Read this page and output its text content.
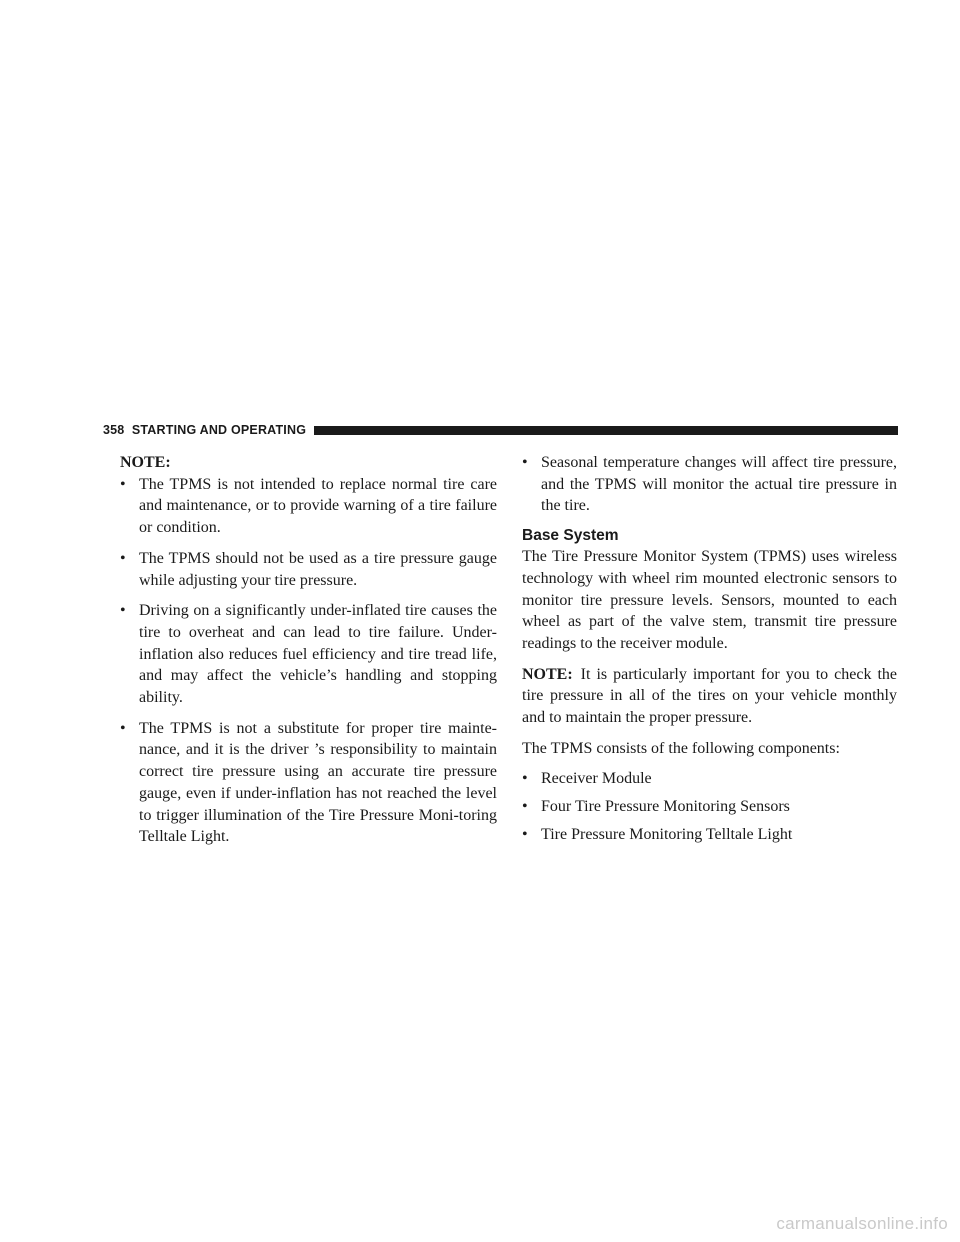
358 STARTING AND OPERATING

NOTE:

• The TPMS is not intended to replace normal tire care and maintenance, or to provide warning of a tire failure or condition.
• The TPMS should not be used as a tire pressure gauge while adjusting your tire pressure.
• Driving on a significantly under-inflated tire causes the tire to overheat and can lead to tire failure. Under-inflation also reduces fuel efficiency and tire tread life, and may affect the vehicle’s handling and stopping ability.
• The TPMS is not a substitute for proper tire mainte-nance, and it is the driver ’s responsibility to maintain correct tire pressure using an accurate tire pressure gauge, even if under-inflation has not reached the level to trigger illumination of the Tire Pressure Moni-toring Telltale Light.
• Seasonal temperature changes will affect tire pressure, and the TPMS will monitor the actual tire pressure in the tire.
Base System

The Tire Pressure Monitor System (TPMS) uses wireless technology with wheel rim mounted electronic sensors to monitor tire pressure levels. Sensors, mounted to each wheel as part of the valve stem, transmit tire pressure readings to the receiver module.

NOTE: It is particularly important for you to check the tire pressure in all of the tires on your vehicle monthly and to maintain the proper pressure.

The TPMS consists of the following components:

• Receiver Module
• Four Tire Pressure Monitoring Sensors
• Tire Pressure Monitoring Telltale Light
carmanualsonline.info
